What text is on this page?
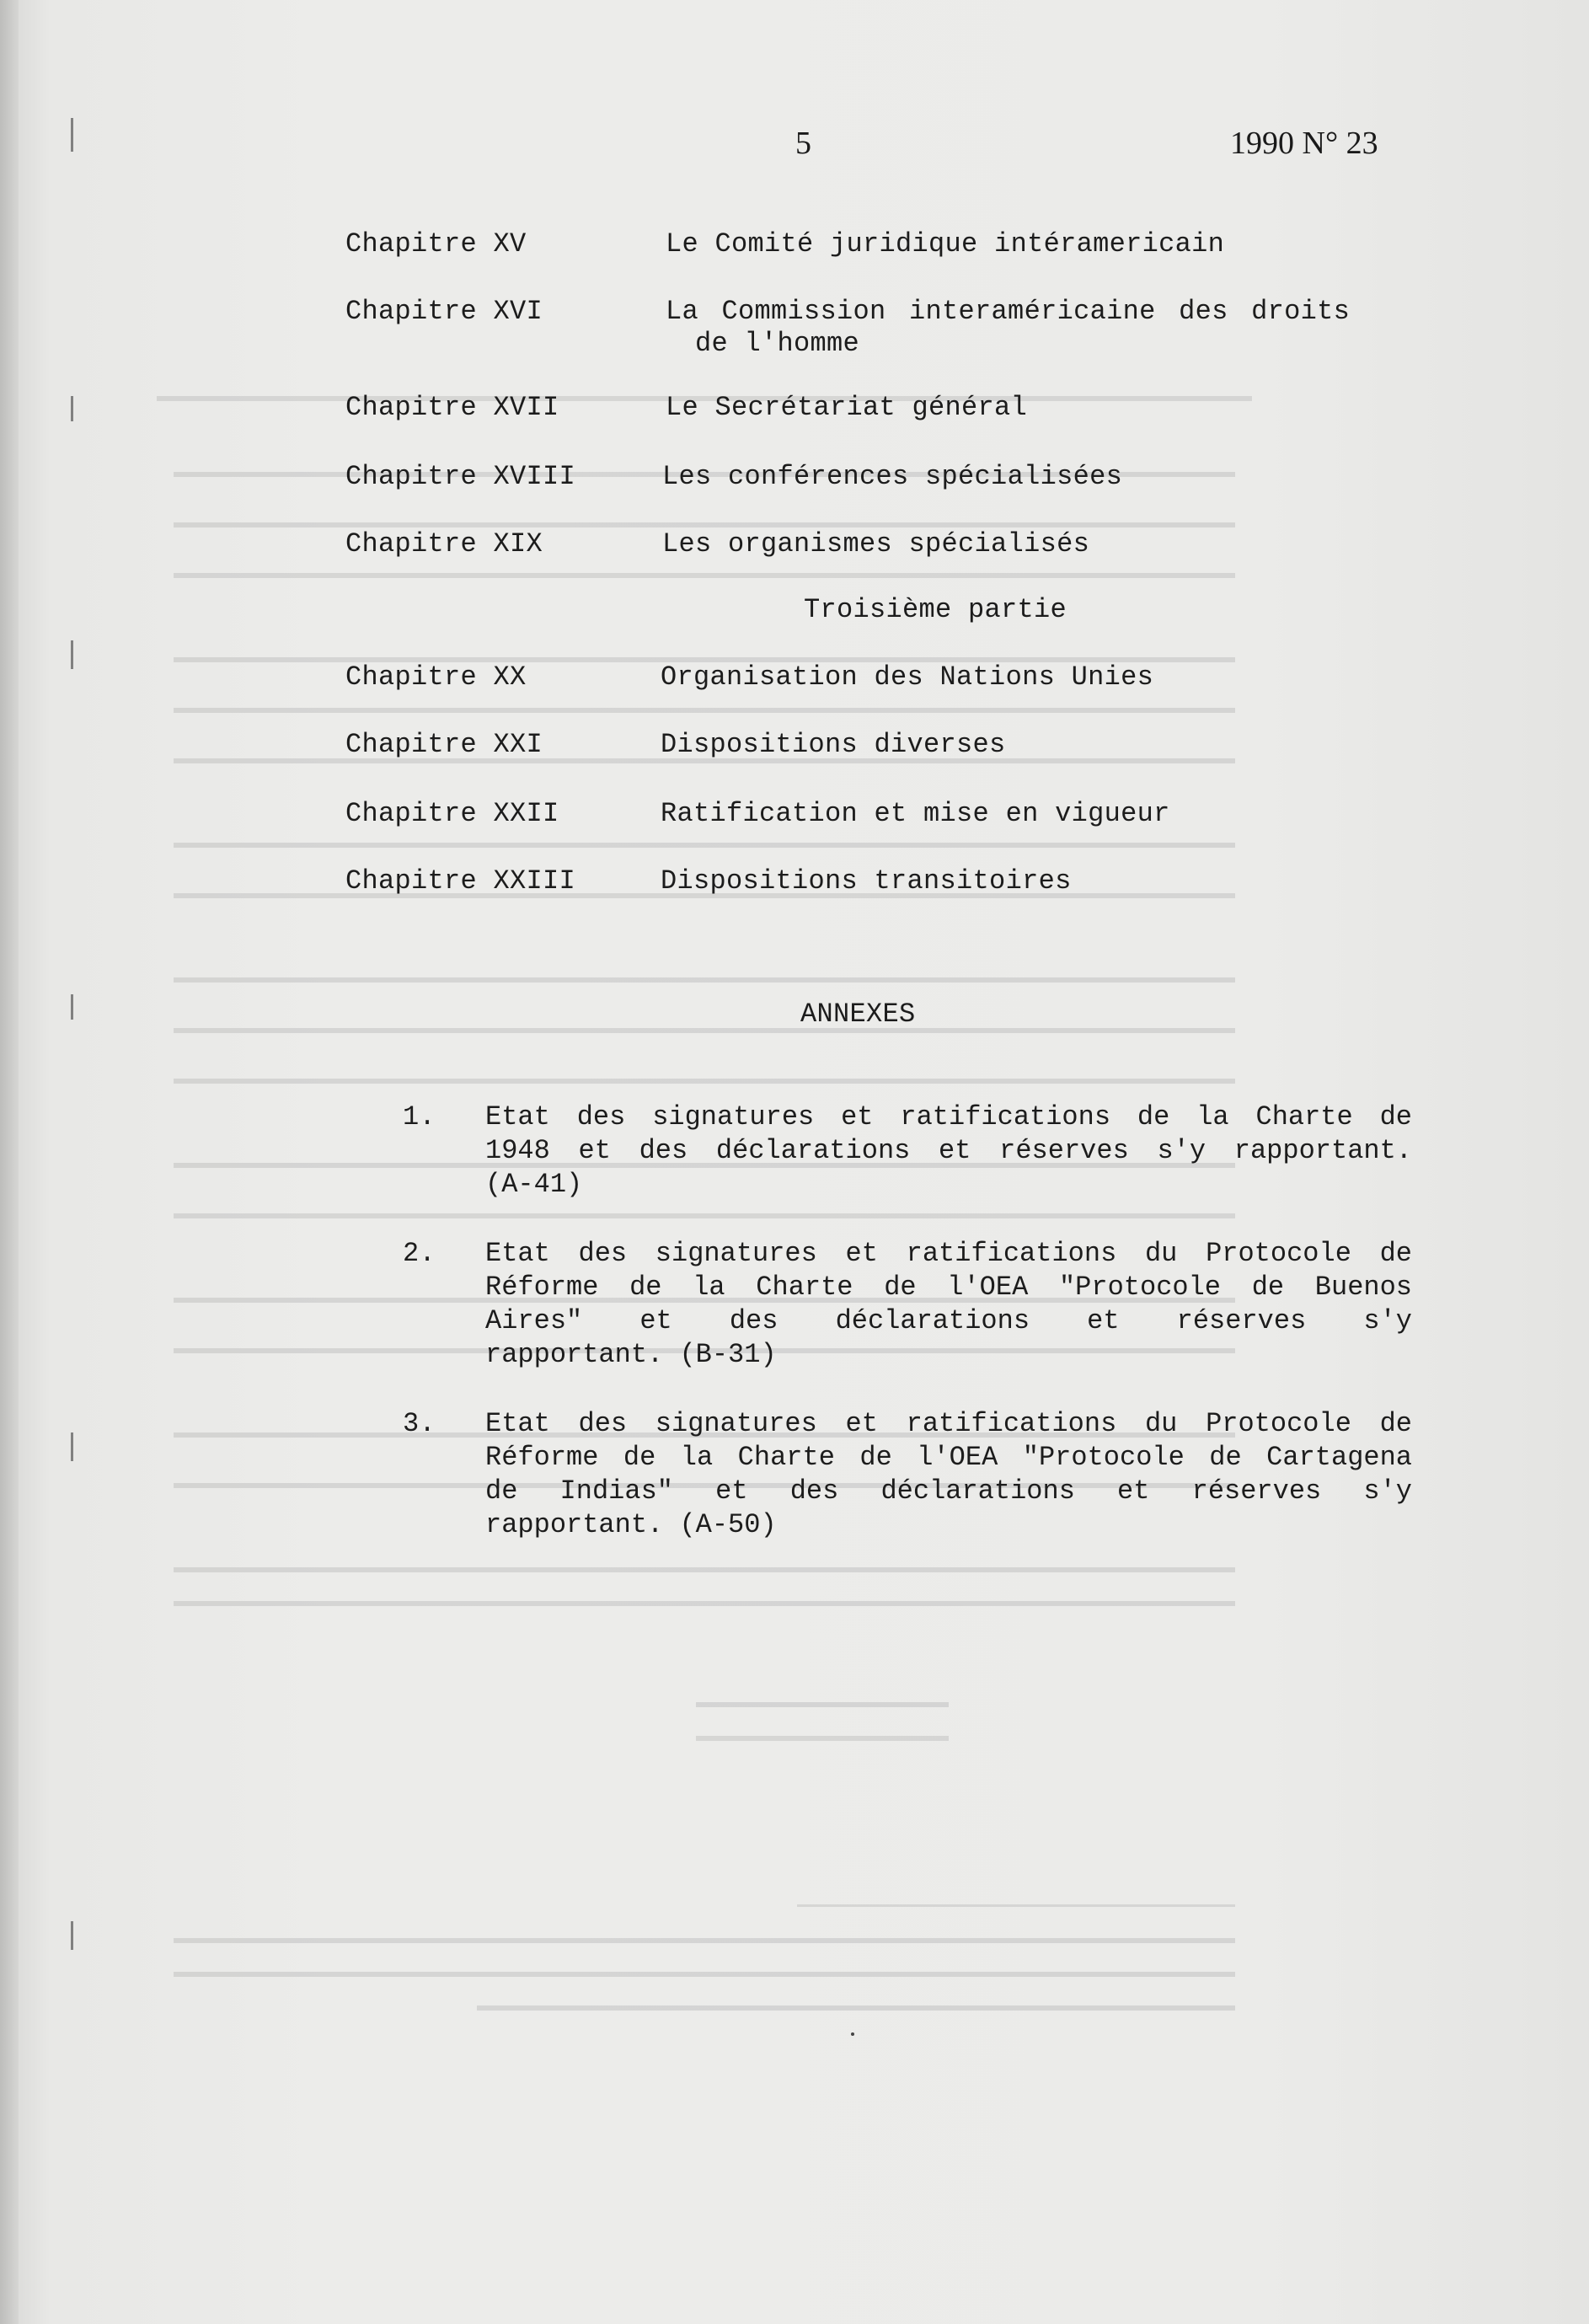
5	1990 N° 23
Chapitre XV	Le Comité juridique intéramericain
Chapitre XVI	La Commission interaméricaine des droits
de l'homme
Chapitre XVII	Le Secrétariat général
Chapitre XVIII	Les conférences spécialisées
Chapitre XIX	Les organismes spécialisés
Troisième partie
Chapitre XX	Organisation des Nations Unies
Chapitre XXI	Dispositions diverses
Chapitre XXII	Ratification et mise en vigueur
Chapitre XXIII	Dispositions transitoires
ANNEXES
1. Etat des signatures et ratifications de la Charte de
1948 et des déclarations et réserves s'y rapportant.
(A-41)
2. Etat des signatures et ratifications du Protocole de
Réforme de la Charte de l'OEA "Protocole de Buenos
Aires" et des déclarations et réserves s'y
rapportant. (B-31)
3. Etat des signatures et ratifications du Protocole de
Réforme de la Charte de l'OEA "Protocole de Cartagena
de Indias" et des déclarations et réserves s'y
rapportant. (A-50)
